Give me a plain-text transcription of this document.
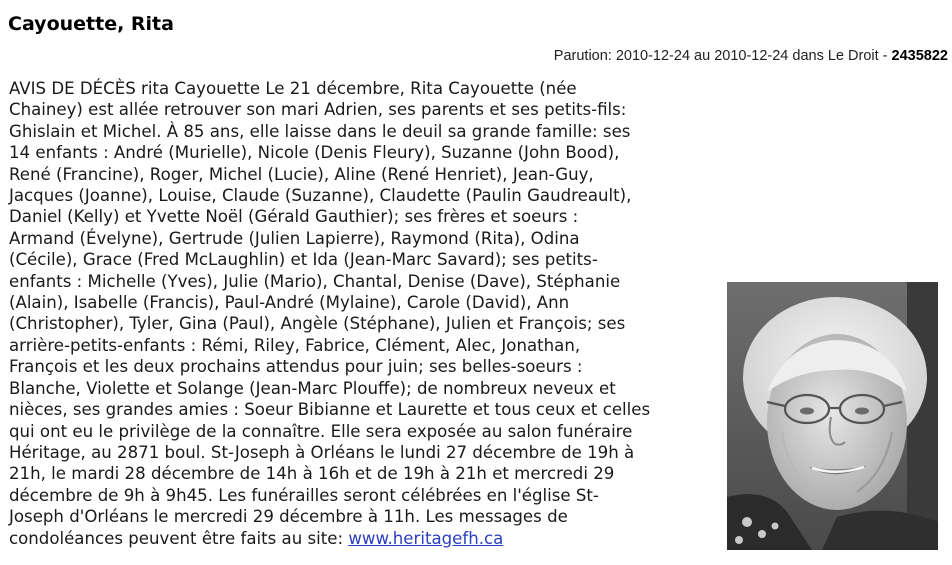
Cayouette, Rita
Parution: 2010-12-24 au 2010-12-24 dans Le Droit - 2435822
AVIS DE DÉCÈS rita Cayouette Le 21 décembre, Rita Cayouette (née
Chainey) est allée retrouver son mari Adrien, ses parents et ses petits-fils:
Ghislain et Michel. À 85 ans, elle laisse dans le deuil sa grande famille: ses
14 enfants : André (Murielle), Nicole (Denis Fleury), Suzanne (John Bood),
René (Francine), Roger, Michel (Lucie), Aline (René Henriet), Jean-Guy,
Jacques (Joanne), Louise, Claude (Suzanne), Claudette (Paulin Gaudreault),
Daniel (Kelly) et Yvette Noël (Gérald Gauthier); ses frères et soeurs :
Armand (Évelyne), Gertrude (Julien Lapierre), Raymond (Rita), Odina
(Cécile), Grace (Fred McLaughlin) et Ida (Jean-Marc Savard); ses petits-
enfants : Michelle (Yves), Julie (Mario), Chantal, Denise (Dave), Stéphanie
(Alain), Isabelle (Francis), Paul-André (Mylaine), Carole (David), Ann
(Christopher), Tyler, Gina (Paul), Angèle (Stéphane), Julien et François; ses
arrière-petits-enfants : Rémi, Riley, Fabrice, Clément, Alec, Jonathan,
François et les deux prochains attendus pour juin; ses belles-soeurs :
Blanche, Violette et Solange (Jean-Marc Plouffe); de nombreux neveux et
nièces, ses grandes amies : Soeur Bibianne et Laurette et tous ceux et celles
qui ont eu le privilège de la connaître. Elle sera exposée au salon funéraire
Héritage, au 2871 boul. St-Joseph à Orléans le lundi 27 décembre de 19h à
21h, le mardi 28 décembre de 14h à 16h et de 19h à 21h et mercredi 29
décembre de 9h à 9h45. Les funérailles seront célébrées en l'église St-
Joseph d'Orléans le mercredi 29 décembre à 11h. Les messages de
condoléances peuvent être faits au site: www.heritagefh.ca
